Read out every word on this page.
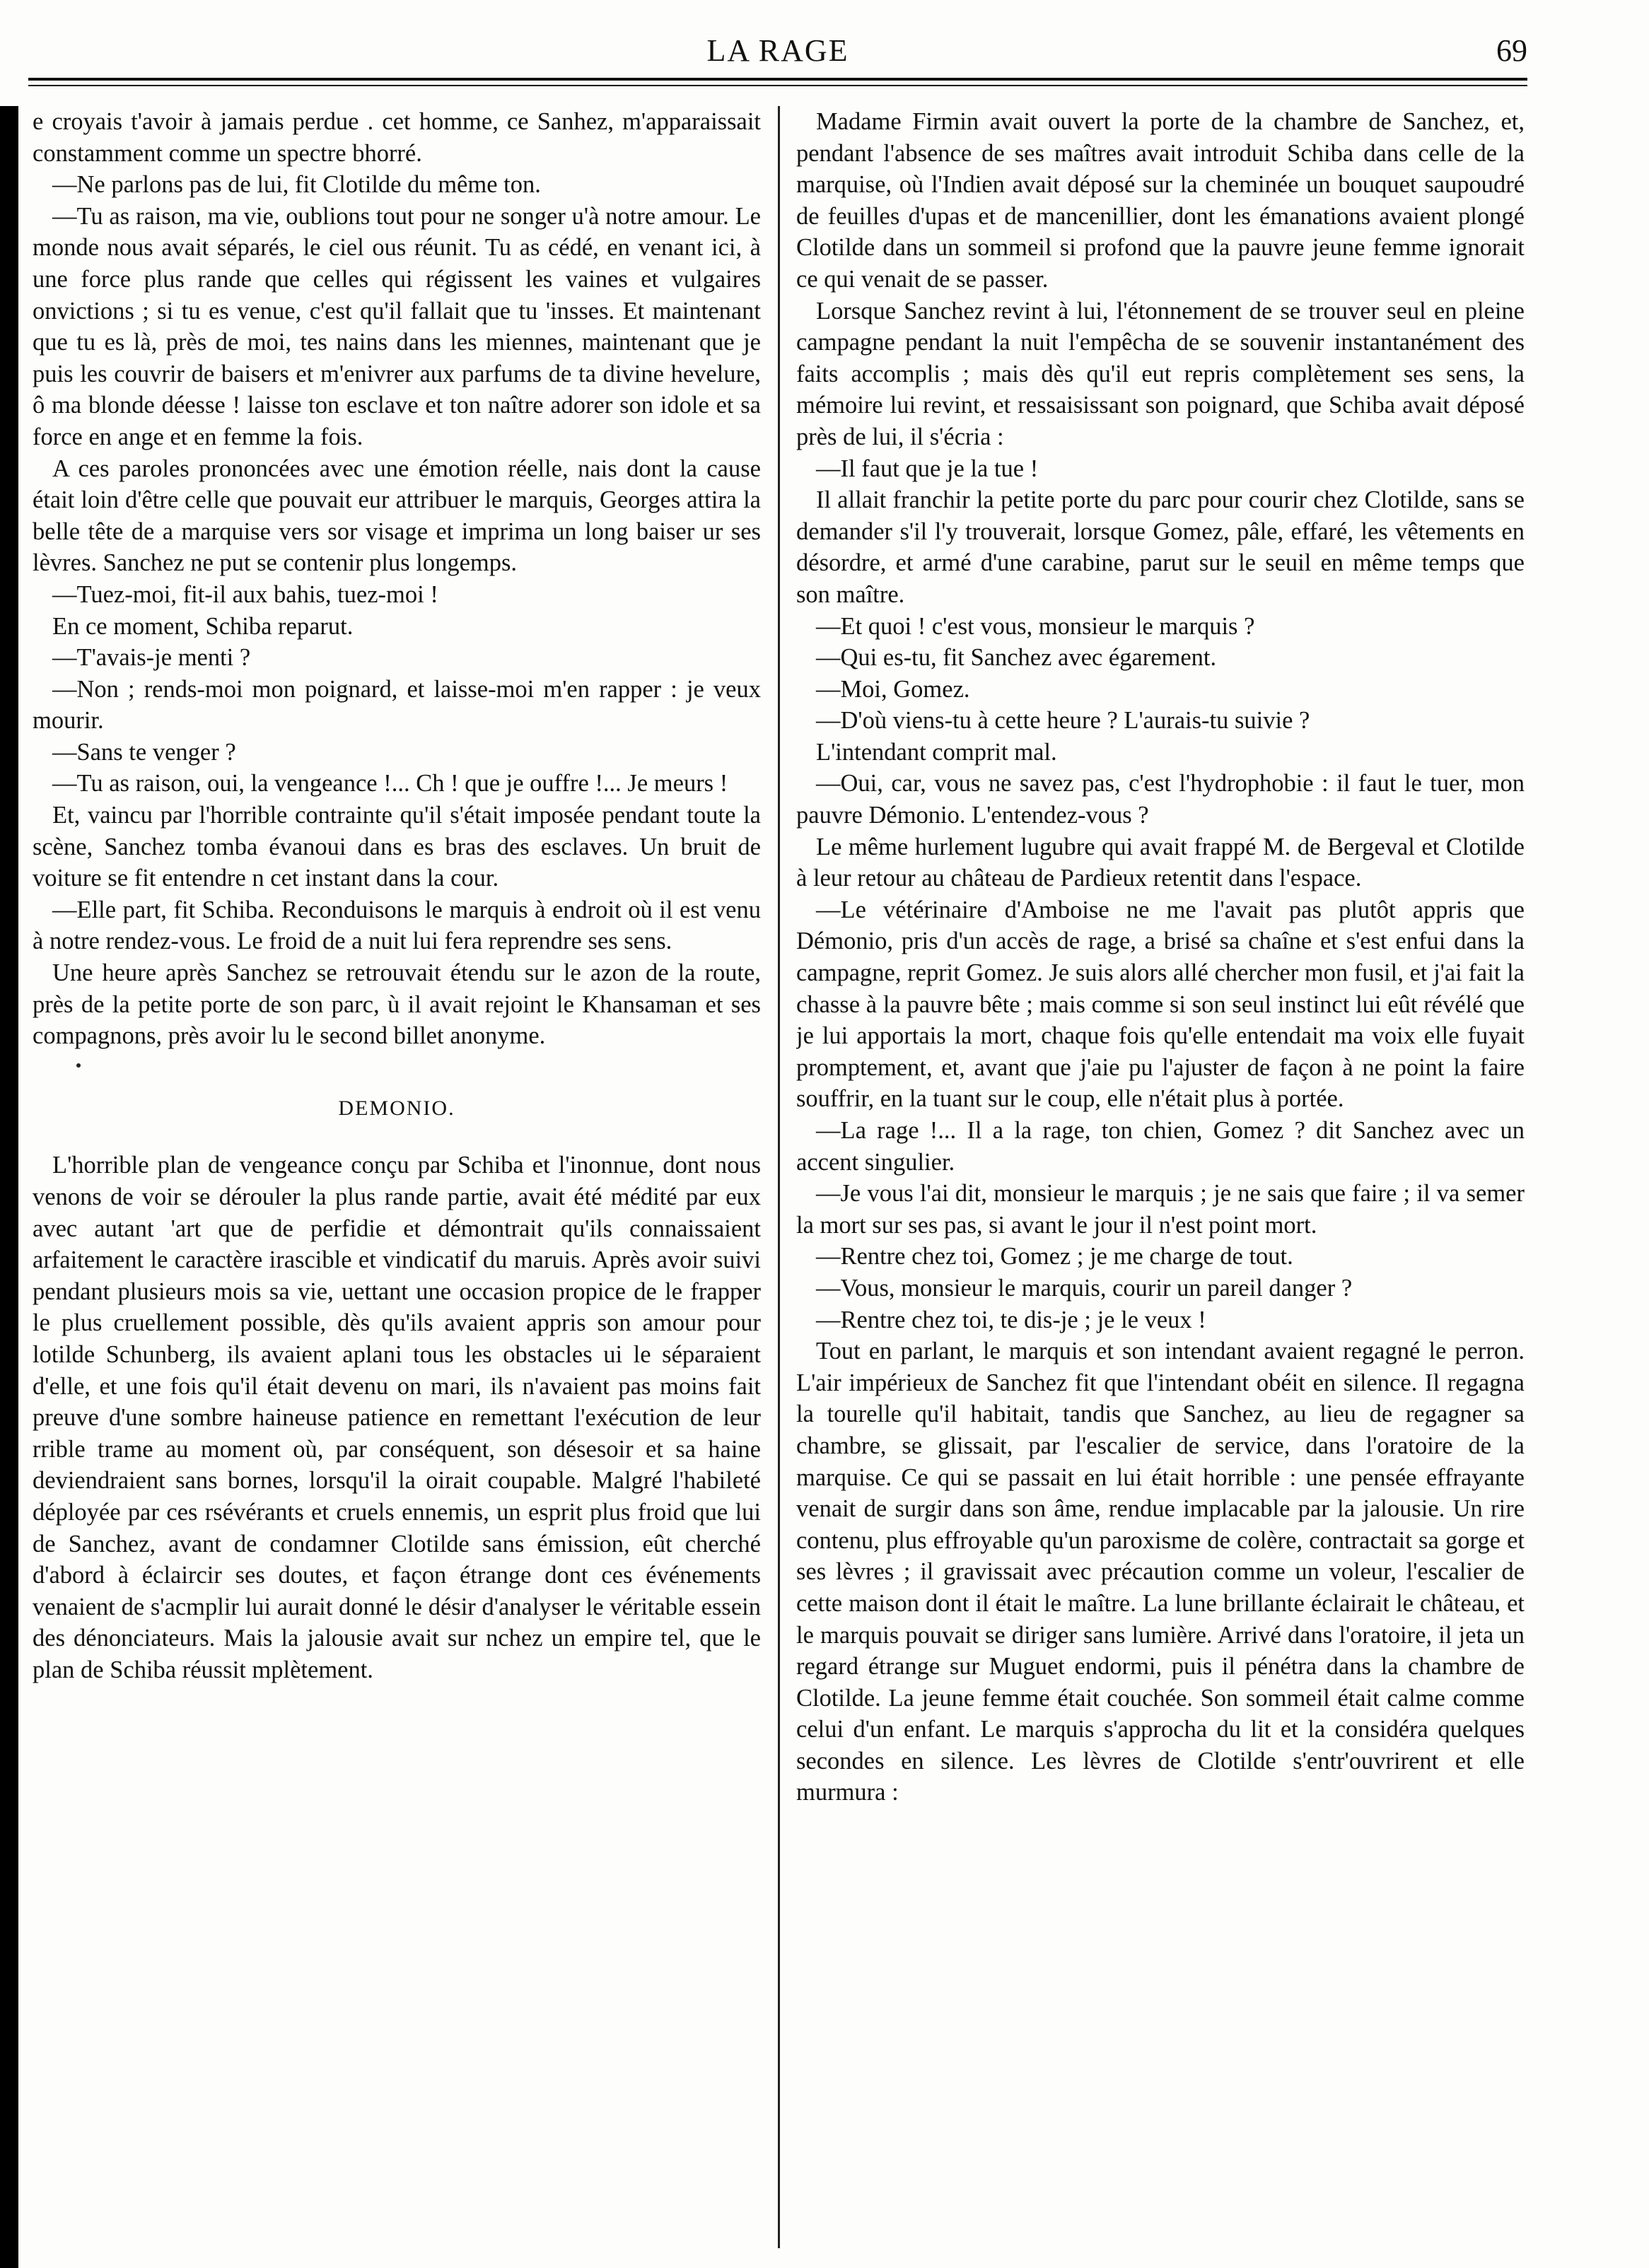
LA RAGE	69

e croyais t'avoir à jamais perdue . cet homme, ce Sanhez, m'apparaissait constamment comme un spectre bhorré.

—Ne parlons pas de lui, fit Clotilde du même ton.

—Tu as raison, ma vie, oublions tout pour ne songer u'à notre amour. Le monde nous avait séparés, le ciel ous réunit. Tu as cédé, en venant ici, à une force plus rande que celles qui régissent les vaines et vulgaires onvictions ; si tu es venue, c'est qu'il fallait que tu 'insses. Et maintenant que tu es là, près de moi, tes nains dans les miennes, maintenant que je puis les couvrir de baisers et m'enivrer aux parfums de ta divine hevelure, ô ma blonde déesse ! laisse ton esclave et ton naître adorer son idole et sa force en ange et en femme la fois.

A ces paroles prononcées avec une émotion réelle, nais dont la cause était loin d'être celle que pouvait eur attribuer le marquis, Georges attira la belle tête de a marquise vers sor visage et imprima un long baiser ur ses lèvres. Sanchez ne put se contenir plus longemps.

—Tuez-moi, fit-il aux bahis, tuez-moi !

En ce moment, Schiba reparut.

—T'avais-je menti ?

—Non ; rends-moi mon poignard, et laisse-moi m'en rapper : je veux mourir.

—Sans te venger ?

—Tu as raison, oui, la vengeance !... Ch ! que je ouffre !... Je meurs !

Et, vaincu par l'horrible contrainte qu'il s'était imposée pendant toute la scène, Sanchez tomba évanoui dans es bras des esclaves. Un bruit de voiture se fit entendre n cet instant dans la cour.

—Elle part, fit Schiba. Reconduisons le marquis à endroit où il est venu à notre rendez-vous. Le froid de a nuit lui fera reprendre ses sens.

Une heure après Sanchez se retrouvait étendu sur le azon de la route, près de la petite porte de son parc, ù il avait rejoint le Khansaman et ses compagnons, près avoir lu le second billet anonyme.

DEMONIO.

L'horrible plan de vengeance conçu par Schiba et l'inonnue, dont nous venons de voir se dérouler la plus rande partie, avait été médité par eux avec autant 'art que de perfidie et démontrait qu'ils connaissaient arfaitement le caractère irascible et vindicatif du maruis. Après avoir suivi pendant plusieurs mois sa vie, uettant une occasion propice de le frapper le plus cruellement possible, dès qu'ils avaient appris son amour pour lotilde Schunberg, ils avaient aplani tous les obstacles ui le séparaient d'elle, et une fois qu'il était devenu on mari, ils n'avaient pas moins fait preuve d'une sombre haineuse patience en remettant l'exécution de leur rrible trame au moment où, par conséquent, son désesoir et sa haine deviendraient sans bornes, lorsqu'il la oirait coupable. Malgré l'habileté déployée par ces rsévérants et cruels ennemis, un esprit plus froid que lui de Sanchez, avant de condamner Clotilde sans émission, eût cherché d'abord à éclaircir ses doutes, et façon étrange dont ces événements venaient de s'acmplir lui aurait donné le désir d'analyser le véritable essein des dénonciateurs. Mais la jalousie avait sur nchez un empire tel, que le plan de Schiba réussit mplètement.

Madame Firmin avait ouvert la porte de la chambre de Sanchez, et, pendant l'absence de ses maîtres avait introduit Schiba dans celle de la marquise, où l'Indien avait déposé sur la cheminée un bouquet saupoudré de feuilles d'upas et de mancenillier, dont les émanations avaient plongé Clotilde dans un sommeil si profond que la pauvre jeune femme ignorait ce qui venait de se passer.

Lorsque Sanchez revint à lui, l'étonnement de se trouver seul en pleine campagne pendant la nuit l'empêcha de se souvenir instantanément des faits accomplis ; mais dès qu'il eut repris complètement ses sens, la mémoire lui revint, et ressaisissant son poignard, que Schiba avait déposé près de lui, il s'écria :

—Il faut que je la tue !

Il allait franchir la petite porte du parc pour courir chez Clotilde, sans se demander s'il l'y trouverait, lorsque Gomez, pâle, effaré, les vêtements en désordre, et armé d'une carabine, parut sur le seuil en même temps que son maître.

—Et quoi ! c'est vous, monsieur le marquis ?

—Qui es-tu, fit Sanchez avec égarement.

—Moi, Gomez.

—D'où viens-tu à cette heure ? L'aurais-tu suivie ?

L'intendant comprit mal.

—Oui, car, vous ne savez pas, c'est l'hydrophobie : il faut le tuer, mon pauvre Démonio. L'entendez-vous ?

Le même hurlement lugubre qui avait frappé M. de Bergeval et Clotilde à leur retour au château de Pardieux retentit dans l'espace.

—Le vétérinaire d'Amboise ne me l'avait pas plutôt appris que Démonio, pris d'un accès de rage, a brisé sa chaîne et s'est enfui dans la campagne, reprit Gomez. Je suis alors allé chercher mon fusil, et j'ai fait la chasse à la pauvre bête ; mais comme si son seul instinct lui eût révélé que je lui apportais la mort, chaque fois qu'elle entendait ma voix elle fuyait promptement, et, avant que j'aie pu l'ajuster de façon à ne point la faire souffrir, en la tuant sur le coup, elle n'était plus à portée.

—La rage !... Il a la rage, ton chien, Gomez ? dit Sanchez avec un accent singulier.

—Je vous l'ai dit, monsieur le marquis ; je ne sais que faire ; il va semer la mort sur ses pas, si avant le jour il n'est point mort.

—Rentre chez toi, Gomez ; je me charge de tout.

—Vous, monsieur le marquis, courir un pareil danger ?

—Rentre chez toi, te dis-je ; je le veux !

Tout en parlant, le marquis et son intendant avaient regagné le perron. L'air impérieux de Sanchez fit que l'intendant obéit en silence. Il regagna la tourelle qu'il habitait, tandis que Sanchez, au lieu de regagner sa chambre, se glissait, par l'escalier de service, dans l'oratoire de la marquise. Ce qui se passait en lui était horrible : une pensée effrayante venait de surgir dans son âme, rendue implacable par la jalousie. Un rire contenu, plus effroyable qu'un paroxisme de colère, contractait sa gorge et ses lèvres ; il gravissait avec précaution comme un voleur, l'escalier de cette maison dont il était le maître. La lune brillante éclairait le château, et le marquis pouvait se diriger sans lumière. Arrivé dans l'oratoire, il jeta un regard étrange sur Muguet endormi, puis il pénétra dans la chambre de Clotilde. La jeune femme était couchée. Son sommeil était calme comme celui d'un enfant. Le marquis s'approcha du lit et la considéra quelques secondes en silence. Les lèvres de Clotilde s'entr'ouvrirent et elle murmura :
